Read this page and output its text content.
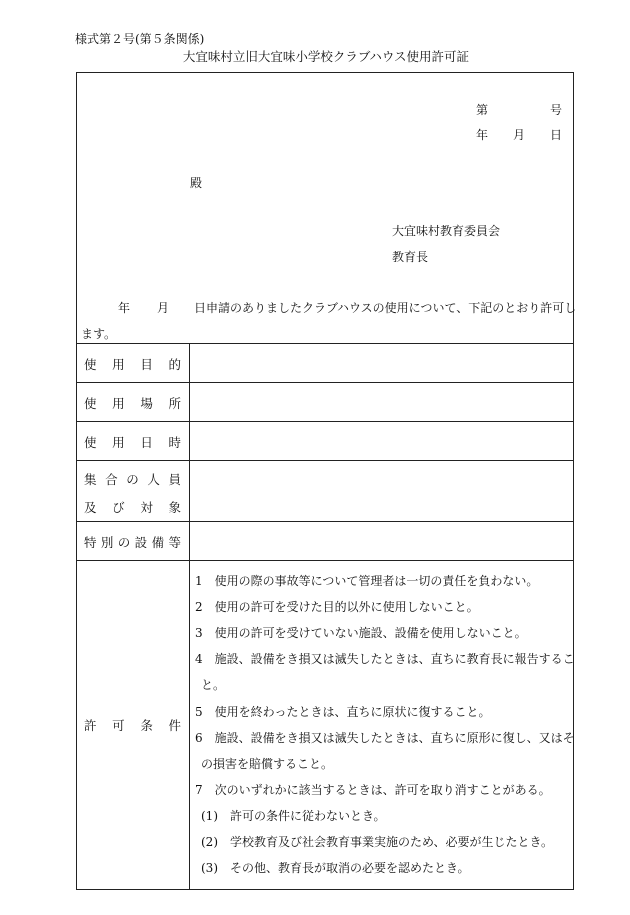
様式第２号(第５条関係)
大宜味村立旧大宜味小学校クラブハウス使用許可証
第	号
年 月 日
殿
大宜味村教育委員会
教育長
年 月 日申請のありましたクラブハウスの使用について、下記のとおり許可し
ます。
使 用 目 的
使 用 場 所
使 用 日 時
集 合 の 人 員
及 び 対 象
特 別 の 設 備 等
許 可 条 件
1　使用の際の事故等について管理者は一切の責任を負わない。
2　使用の許可を受けた目的以外に使用しないこと。
3　使用の許可を受けていない施設、設備を使用しないこと。
4　施設、設備をき損又は滅失したときは、直ちに教育長に報告するこ
と。
5　使用を終わったときは、直ちに原状に復すること。
6　施設、設備をき損又は滅失したときは、直ちに原形に復し、又はそ
の損害を賠償すること。
7　次のいずれかに該当するときは、許可を取り消すことがある。
(1)　許可の条件に従わないとき。
(2)　学校教育及び社会教育事業実施のため、必要が生じたとき。
(3)　その他、教育長が取消の必要を認めたとき。
